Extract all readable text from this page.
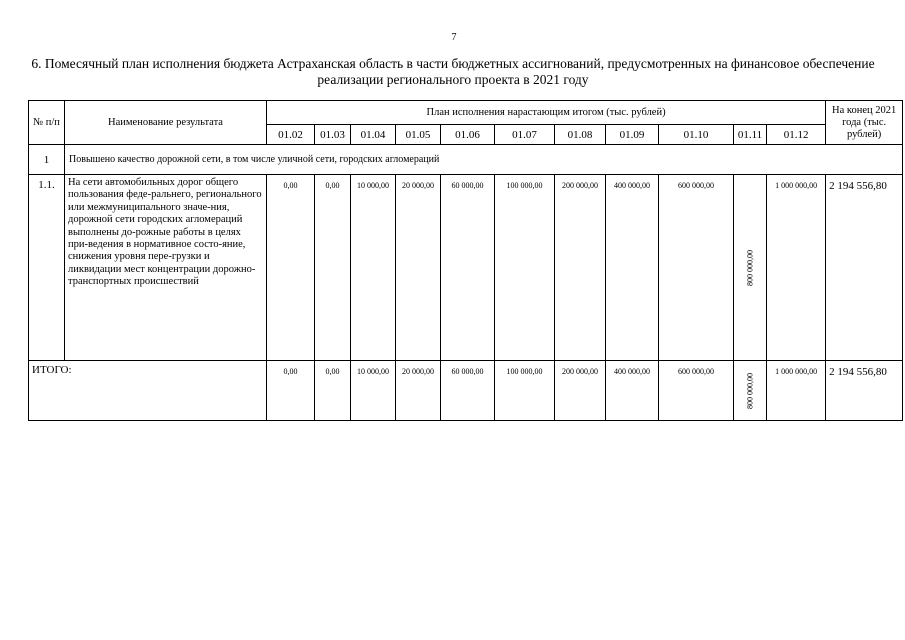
7
6. Помесячный план исполнения бюджета Астраханская область в части бюджетных ассигнований, предусмотренных на финансовое обеспечение реализации регионального проекта в 2021 году
№ п/п	Наименование результата	План исполнения нарастающим итогом (тыс. рублей)											На конец 2021 года (тыс. рублей)
		01.02	01.03	01.04	01.05	01.06	01.07	01.08	01.09	01.10	01.11	01.12	
1	Повышено качество дорожной сети, в том числе уличной сети, городских агломераций												
1.1.	На сети автомобильных дорог общего пользования феде-ральнего, регионального или межмуниципального значе-ния, дорожной сети городских агломераций выполнены до-рожные работы в целях при-ведения в нормативное состо-яние, снижения уровня пере-грузки и ликвидации мест концентрации дорожно-транспортных происшествий	0,00	0,00	10 000,00	20 000,00	60 000,00	100 000,00	200 000,00	400 000,00	600 000,00	800 000,00	1 000 000,00	2 194 556,80
ИТОГО:		0,00	0,00	10 000,00	20 000,00	60 000,00	100 000,00	200 000,00	400 000,00	600 000,00	800 000,00	1 000 000,00	2 194 556,80
